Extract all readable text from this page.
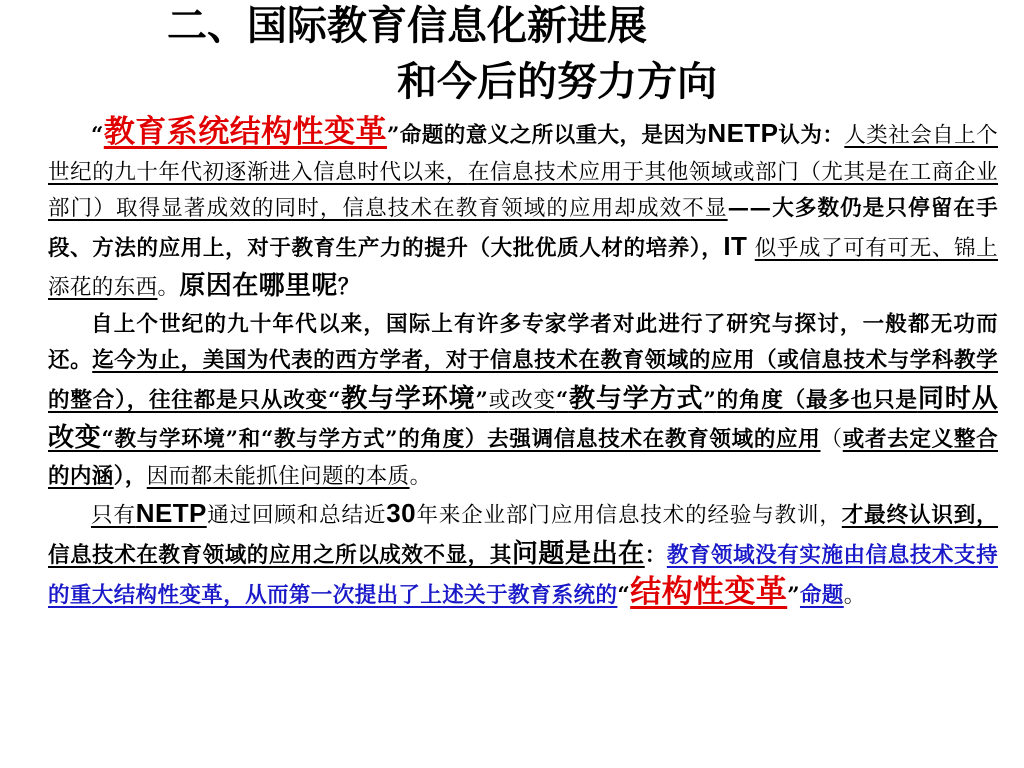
二、国际教育信息化新进展
和今后的努力方向

“教育系统结构性变革”命题的意义之所以重大，是因为NETP认为：人类社会自上个世纪的九十年代初逐渐进入信息时代以来，在信息技术应用于其他领域或部门（尤其是在工商企业部门）取得显著成效的同时，信息技术在教育领域的应用却成效不显——大多数仍是只停留在手段、方法的应用上，对于教育生产力的提升（大批优质人材的培养），IT 似乎成了可有可无、锦上添花的东西。原因在哪里呢？

自上个世纪的九十年代以来，国际上有许多专家学者对此进行了研究与探讨，一般都无功而还。迄今为止，美国为代表的西方学者，对于信息技术在教育领域的应用（或信息技术与学科教学的整合），往往都是只从改变“教与学环境”或改变“教与学方式”的角度（最多也只是同时从改变“教与学环境”和“教与学方式”的角度）去强调信息技术在教育领域的应用（或者去定义整合的内涵），因而都未能抓住问题的本质。

只有NETP通过回顾和总结近30年来企业部门应用信息技术的经验与教训，才最终认识到，信息技术在教育领域的应用之所以成效不显，其问题是出在：教育领域没有实施由信息技术支持的重大结构性变革，从而第一次提出了上述关于教育系统的“结构性变革”命题。
